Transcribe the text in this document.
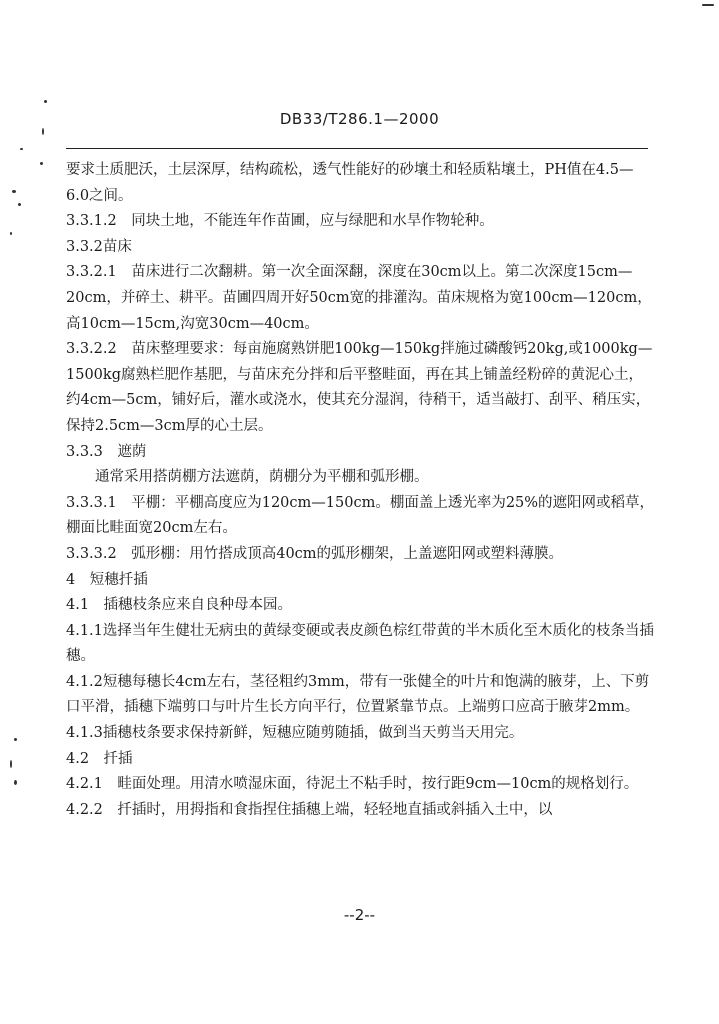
DB33/T286.1—2000

要求土质肥沃，土层深厚，结构疏松，透气性能好的砂壤土和轻质粘壤土，PH值在4.5—6.0之间。

3.3.1.2　同块土地，不能连年作苗圃，应与绿肥和水旱作物轮种。

3.3.2苗床

3.3.2.1　苗床进行二次翻耕。第一次全面深翻，深度在30cm以上。第二次深度15cm—20cm，并碎土、耕平。苗圃四周开好50cm宽的排灌沟。苗床规格为宽100cm—120cm，高10cm—15cm,沟宽30cm—40cm。

3.3.2.2　苗床整理要求：每亩施腐熟饼肥100kg—150kg拌施过磷酸钙20kg,或1000kg—1500kg腐熟栏肥作基肥，与苗床充分拌和后平整畦面，再在其上铺盖经粉碎的黄泥心土，约4cm—5cm，铺好后，灌水或浇水，使其充分湿润，待稍干，适当敲打、刮平、稍压实，保持2.5cm—3cm厚的心土层。

3.3.3　遮荫

通常采用搭荫棚方法遮荫，荫棚分为平棚和弧形棚。

3.3.3.1　平棚：平棚高度应为120cm—150cm。棚面盖上透光率为25%的遮阳网或稻草，棚面比畦面宽20cm左右。

3.3.3.2　弧形棚：用竹搭成顶高40cm的弧形棚架，上盖遮阳网或塑料薄膜。

4　短穗扦插

4.1　插穗枝条应来自良种母本园。

4.1.1选择当年生健壮无病虫的黄绿变硬或表皮颜色棕红带黄的半木质化至木质化的枝条当插穗。

4.1.2短穗每穗长4cm左右，茎径粗约3mm，带有一张健全的叶片和饱满的腋芽，上、下剪口平滑，插穗下端剪口与叶片生长方向平行，位置紧靠节点。上端剪口应高于腋芽2mm。

4.1.3插穗枝条要求保持新鲜，短穗应随剪随插，做到当天剪当天用完。

4.2　扦插

4.2.1　畦面处理。用清水喷湿床面，待泥土不粘手时，按行距9cm—10cm的规格划行。

4.2.2　扦插时，用拇指和食指捏住插穗上端，轻轻地直插或斜插入土中，以

--2--
